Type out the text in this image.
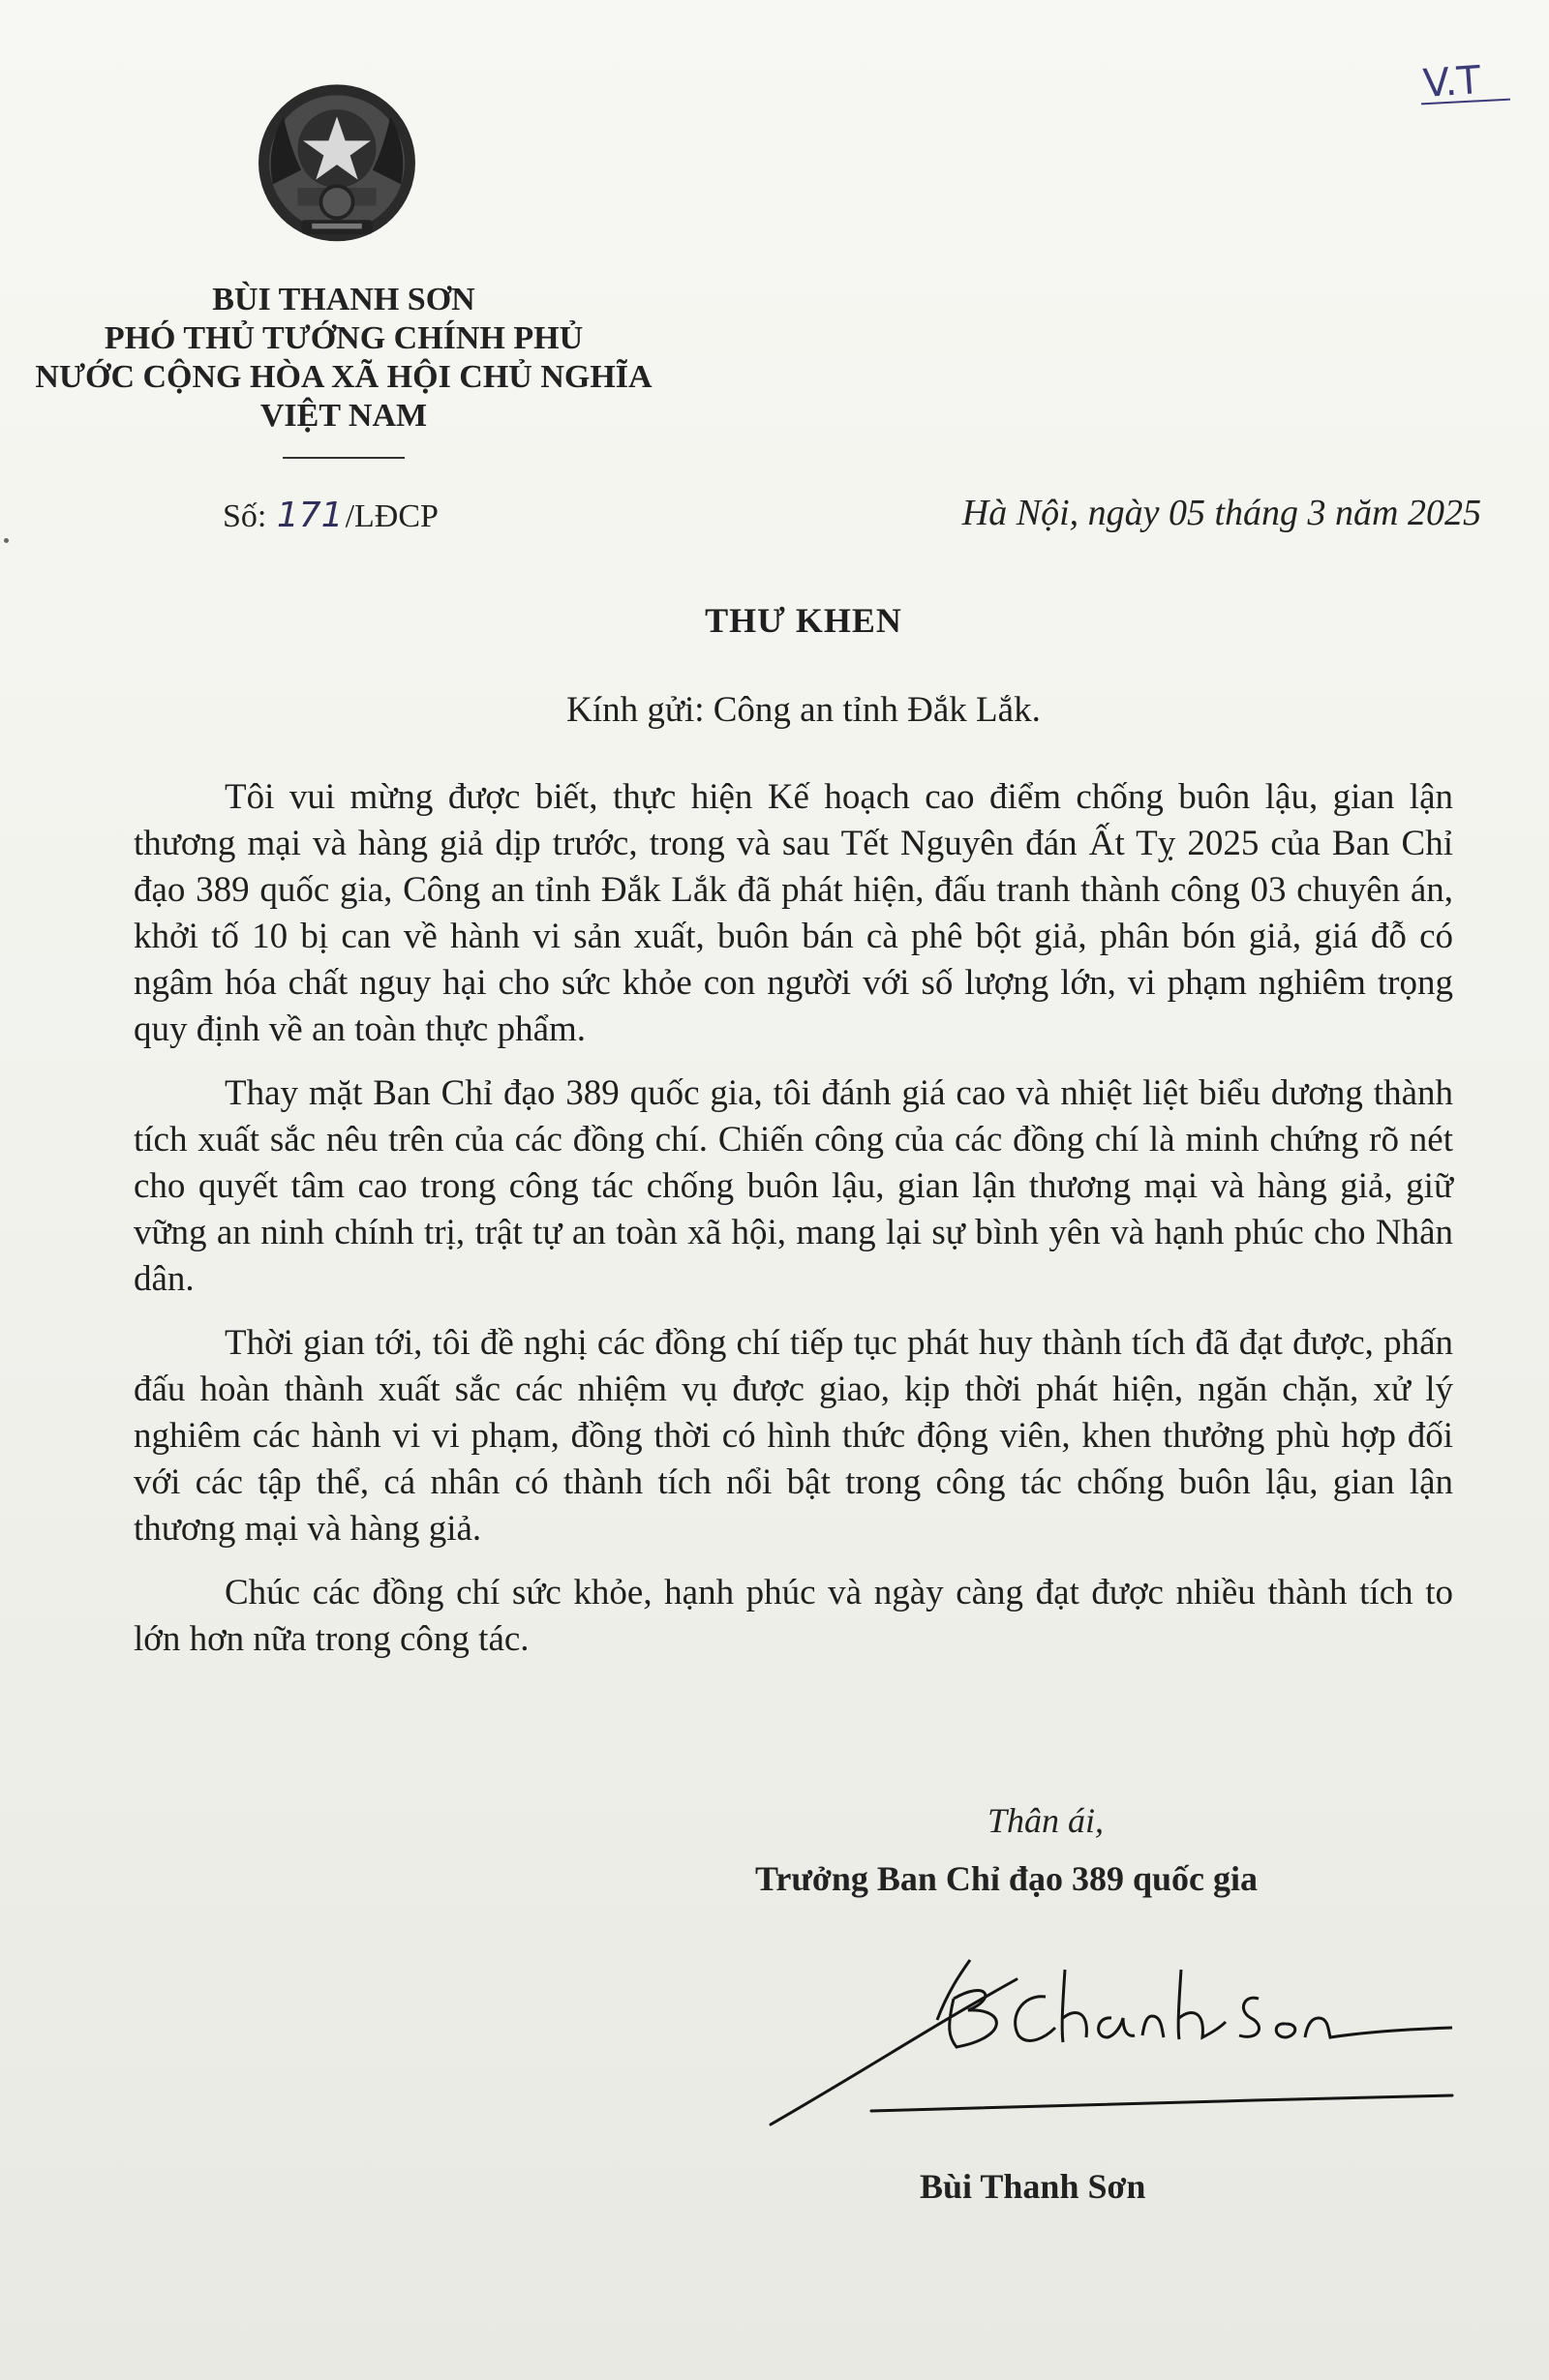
BÙI THANH SƠN
PHÓ THỦ TƯỚNG CHÍNH PHỦ
NƯỚC CỘNG HÒA XÃ HỘI CHỦ NGHĨA
VIỆT NAM
V.T
Số: 171/LĐCP	Hà Nội, ngày 05 tháng 3 năm 2025
THƯ KHEN
Kính gửi: Công an tỉnh Đắk Lắk.

Tôi vui mừng được biết, thực hiện Kế hoạch cao điểm chống buôn lậu, gian lận thương mại và hàng giả dịp trước, trong và sau Tết Nguyên đán Ất Tỵ 2025 của Ban Chỉ đạo 389 quốc gia, Công an tỉnh Đắk Lắk đã phát hiện, đấu tranh thành công 03 chuyên án, khởi tố 10 bị can về hành vi sản xuất, buôn bán cà phê bột giả, phân bón giả, giá đỗ có ngâm hóa chất nguy hại cho sức khỏe con người với số lượng lớn, vi phạm nghiêm trọng quy định về an toàn thực phẩm.

Thay mặt Ban Chỉ đạo 389 quốc gia, tôi đánh giá cao và nhiệt liệt biểu dương thành tích xuất sắc nêu trên của các đồng chí. Chiến công của các đồng chí là minh chứng rõ nét cho quyết tâm cao trong công tác chống buôn lậu, gian lận thương mại và hàng giả, giữ vững an ninh chính trị, trật tự an toàn xã hội, mang lại sự bình yên và hạnh phúc cho Nhân dân.

Thời gian tới, tôi đề nghị các đồng chí tiếp tục phát huy thành tích đã đạt được, phấn đấu hoàn thành xuất sắc các nhiệm vụ được giao, kịp thời phát hiện, ngăn chặn, xử lý nghiêm các hành vi vi phạm, đồng thời có hình thức động viên, khen thưởng phù hợp đối với các tập thể, cá nhân có thành tích nổi bật trong công tác chống buôn lậu, gian lận thương mại và hàng giả.

Chúc các đồng chí sức khỏe, hạnh phúc và ngày càng đạt được nhiều thành tích to lớn hơn nữa trong công tác.

Thân ái,
Trưởng Ban Chỉ đạo 389 quốc gia
Bùi Thanh Sơn
